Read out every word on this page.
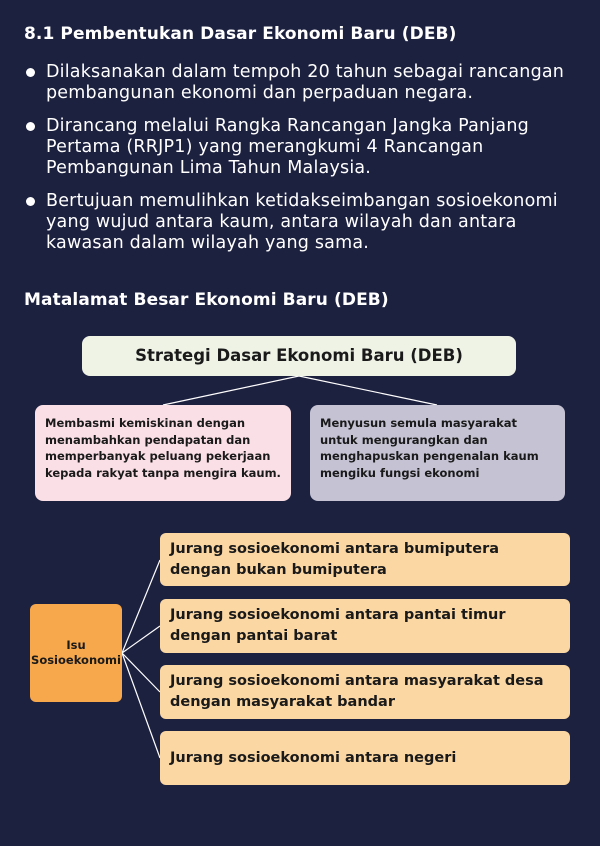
8.1 Pembentukan Dasar Ekonomi Baru (DEB)
Dilaksanakan dalam tempoh 20 tahun sebagai rancangan pembangunan ekonomi dan perpaduan negara.
Dirancang melalui Rangka Rancangan Jangka Panjang Pertama (RRJP1) yang merangkumi 4 Rancangan Pembangunan Lima Tahun Malaysia.
Bertujuan memulihkan ketidakseimbangan sosioekonomi yang wujud antara kaum, antara wilayah dan antara kawasan dalam wilayah yang sama.
Matalamat Besar Ekonomi Baru (DEB)
Strategi Dasar Ekonomi Baru (DEB)
Membasmi kemiskinan dengan menambahkan pendapatan dan memperbanyak peluang pekerjaan kepada rakyat tanpa mengira kaum.
Menyusun semula masyarakat untuk mengurangkan dan menghapuskan pengenalan kaum mengiku fungsi ekonomi
Isu Sosioekonomi
Jurang sosioekonomi antara bumiputera dengan bukan bumiputera
Jurang sosioekonomi antara pantai timur dengan pantai barat
Jurang sosioekonomi antara masyarakat desa dengan masyarakat bandar
Jurang sosioekonomi antara negeri
